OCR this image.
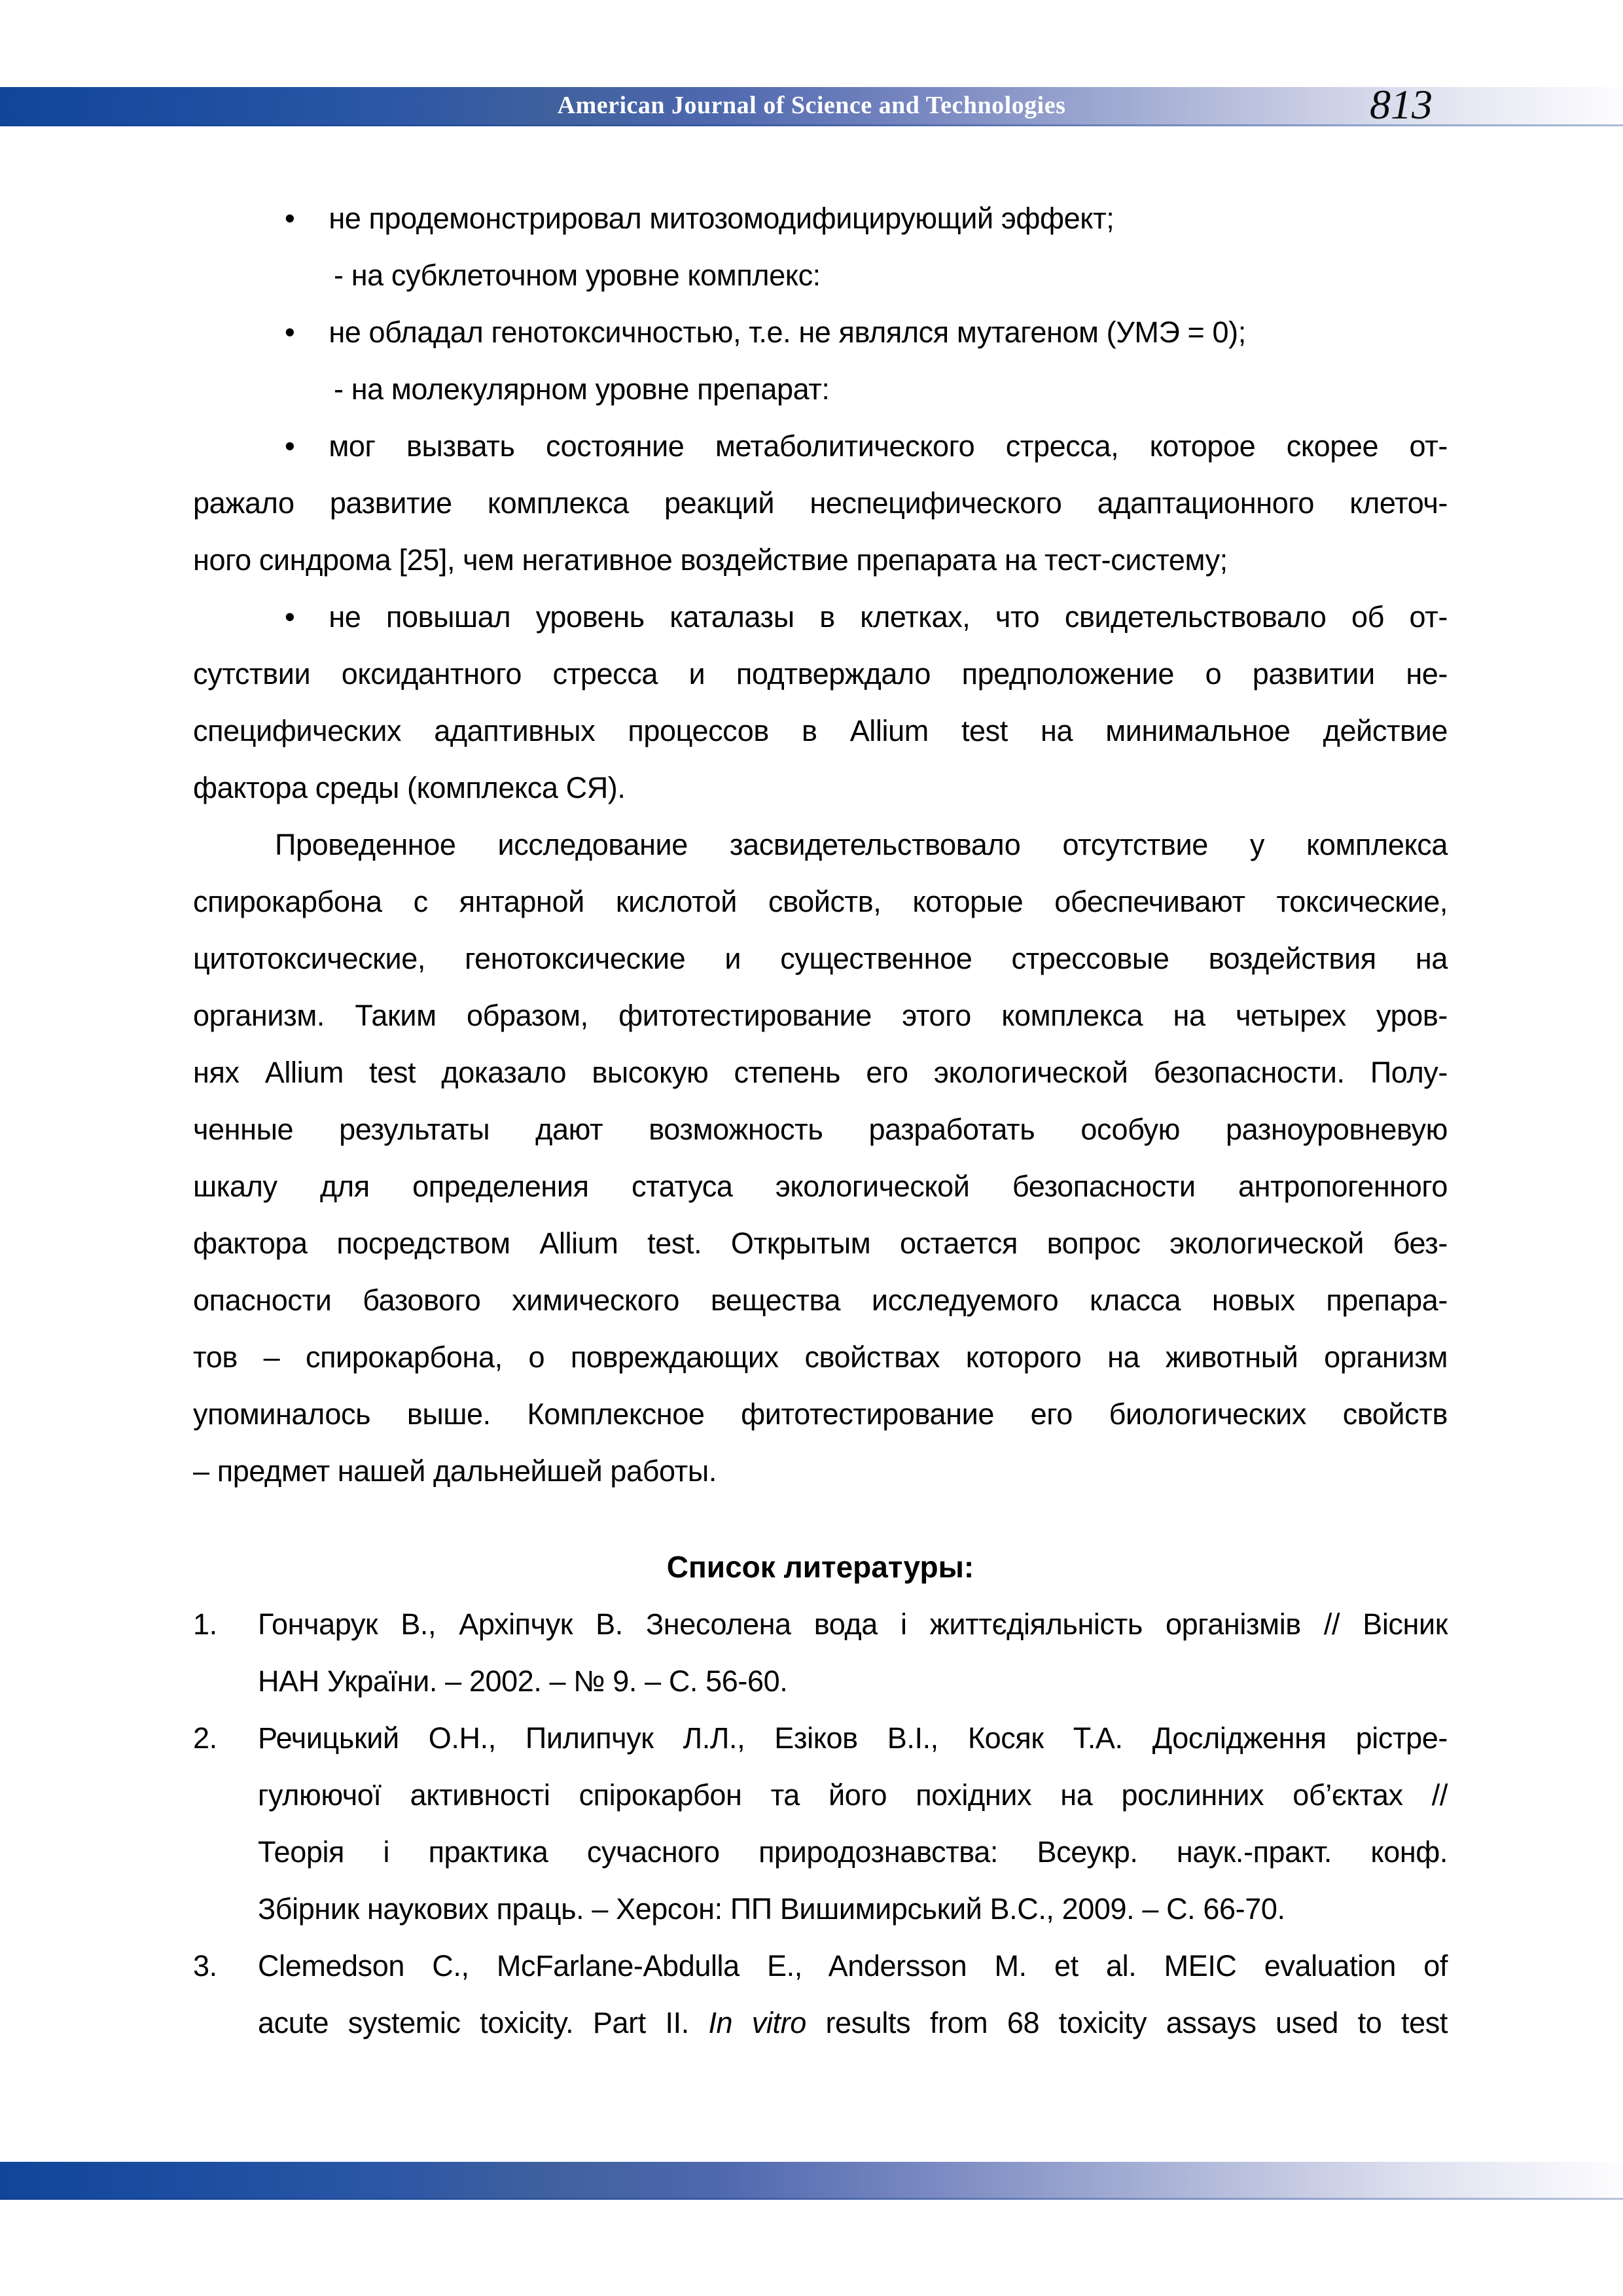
American Journal of Science and Technologies	813
• не продемонстрировал митозомодифицирующий эффект;
- на субклеточном уровне комплекс:
• не обладал генотоксичностью, т.е. не являлся мутагеном (УМЭ = 0);
- на молекулярном уровне препарат:
• мог вызвать состояние метаболитического стресса, которое скорее от-
ражало развитие комплекса реакций неспецифического адаптационного клеточ-
ного синдрома [25], чем негативное воздействие препарата на тест-систему;
• не повышал уровень каталазы в клетках, что свидетельствовало об от-
сутствии оксидантного стресса и подтверждало предположение о развитии не-
специфических адаптивных процессов в Allium test на минимальное действие
фактора среды (комплекса СЯ).
Проведенное исследование засвидетельствовало отсутствие у комплекса
спирокарбона с янтарной кислотой свойств, которые обеспечивают токсические,
цитотоксические, генотоксические и существенное стрессовые воздействия на
организм. Таким образом, фитотестирование этого комплекса на четырех уров-
нях Allium test доказало высокую степень его экологической безопасности. Полу-
ченные результаты дают возможность разработать особую разноуровневую
шкалу для определения статуса экологической безопасности антропогенного
фактора посредством Allium test. Открытым остается вопрос экологической без-
опасности базового химического вещества исследуемого класса новых препара-
тов – спирокарбона, о повреждающих свойствах которого на животный организм
упоминалось выше. Комплексное фитотестирование его биологических свойств
– предмет нашей дальнейшей работы.
Список литературы:
1. Гончарук В., Архіпчук В. Знесолена вода і життєдіяльність організмів // Вісник
НАН України. – 2002. – № 9. – С. 56-60.
2. Речицький О.Н., Пилипчук Л.Л., Езіков В.І., Косяк Т.А. Дослідження рістре-
гулюючої активності спірокарбон та його похідних на рослинних об’єктах //
Теорія і практика сучасного природознавства: Всеукр. наук.-практ. конф.
Збірник наукових праць. – Херсон: ПП Вишимирський В.С., 2009. – С. 66-70.
3. Clemedson C., McFarlane-Abdulla E., Andersson M. et al. MEIC evaluation of
acute systemic toxicity. Part II. In vitro results from 68 toxicity assays used to test
